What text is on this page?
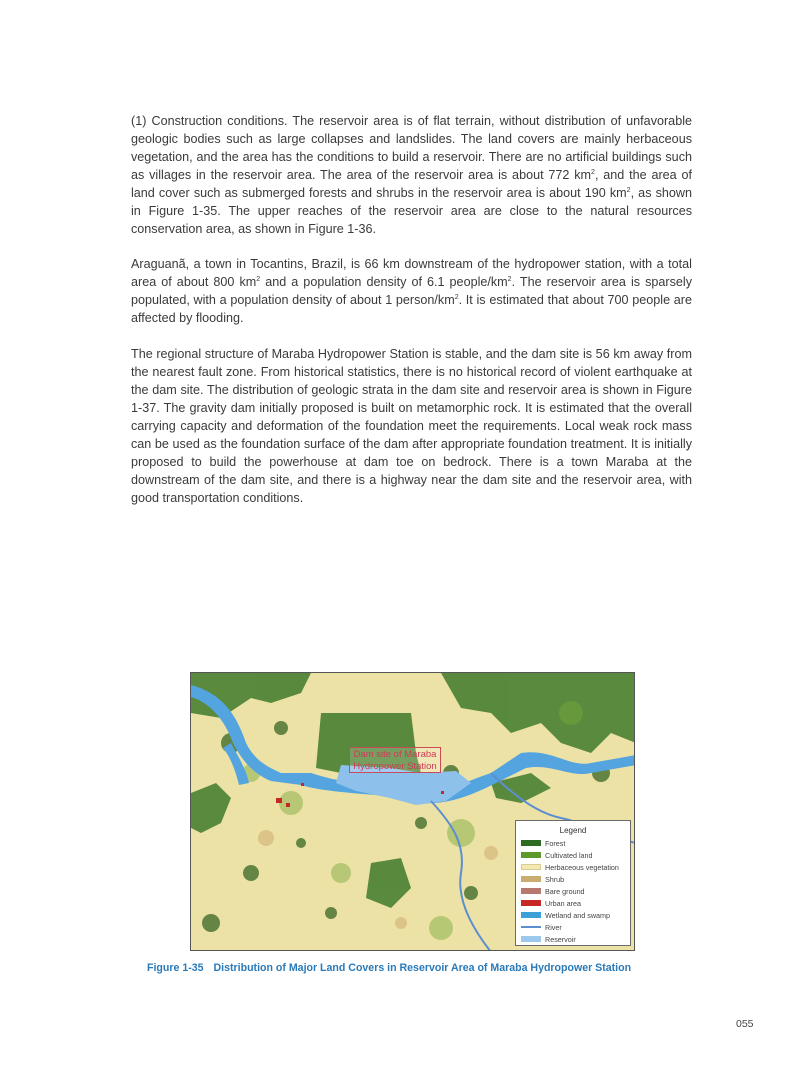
(1) Construction conditions. The reservoir area is of flat terrain, without distribution of unfavorable geologic bodies such as large collapses and landslides. The land covers are mainly herbaceous vegetation, and the area has the conditions to build a reservoir. There are no artificial buildings such as villages in the reservoir area. The area of the reservoir area is about 772 $km^2$, and the area of land cover such as submerged forests and shrubs in the reservoir area is about 190 $km^2$, as shown in Figure 1-35. The upper reaches of the reservoir area are close to the natural resources conservation area, as shown in Figure 1-36.
Araguanã, a town in Tocantins, Brazil, is 66 km downstream of the hydropower station, with a total area of about 800 $km^2$ and a population density of 6.1 people/$km^2$. The reservoir area is sparsely populated, with a population density of about 1 person/$km^2$. It is estimated that about 700 people are affected by flooding.
The regional structure of Maraba Hydropower Station is stable, and the dam site is 56 km away from the nearest fault zone. From historical statistics, there is no historical record of violent earthquake at the dam site. The distribution of geologic strata in the dam site and reservoir area is shown in Figure 1-37. The gravity dam initially proposed is built on metamorphic rock. It is estimated that the overall carrying capacity and deformation of the foundation meet the requirements. Local weak rock mass can be used as the foundation surface of the dam after appropriate foundation treatment. It is initially proposed to build the powerhouse at dam toe on bedrock. There is a town Maraba at the downstream of the dam site, and there is a highway near the dam site and the reservoir area, with good transportation conditions.
Dam site of Maraba
Hydropower Station
Legend
Forest
Cultivated land
Herbaceous vegetation
Shrub
Bare ground
Urban area
Wetland and swamp
River
Reservoir
Figure 1-35 Distribution of Major Land Covers in Reservoir Area of Maraba Hydropower Station
055
